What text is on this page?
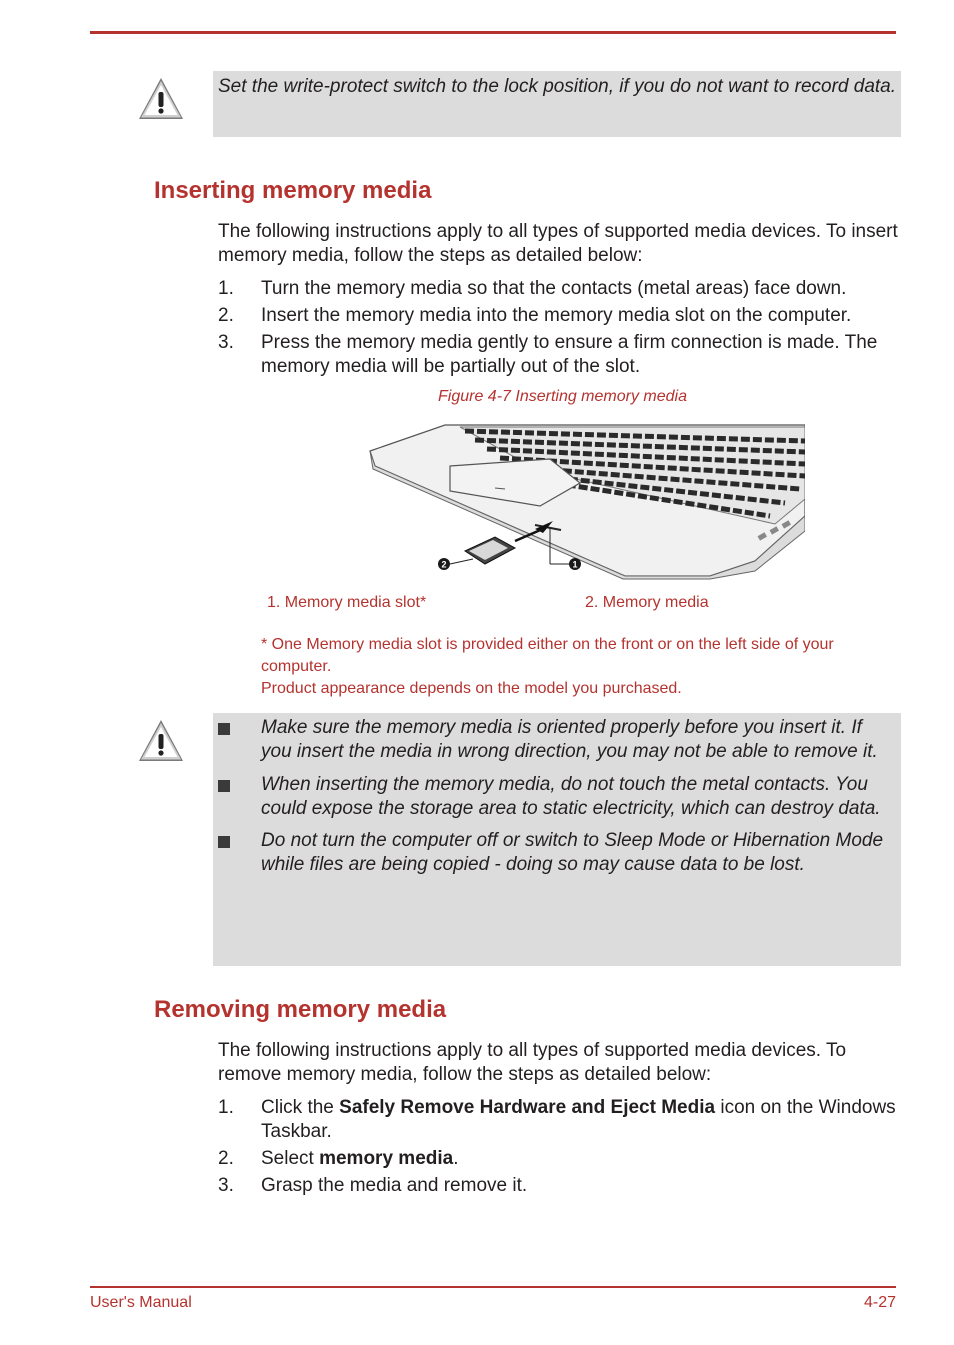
Set the write-protect switch to the lock position, if you do not want to record data.

Inserting memory media

The following instructions apply to all types of supported media devices. To insert memory media, follow the steps as detailed below:

1. Turn the memory media so that the contacts (metal areas) face down.
2. Insert the memory media into the memory media slot on the computer.
3. Press the memory media gently to ensure a firm connection is made. The memory media will be partially out of the slot.
Figure 4-7 Inserting memory media
2	1
1. Memory media slot*	2. Memory media

* One Memory media slot is provided either on the front or on the left side of your computer.
Product appearance depends on the model you purchased.

Make sure the memory media is oriented properly before you insert it. If you insert the media in wrong direction, you may not be able to remove it.
When inserting the memory media, do not touch the metal contacts. You could expose the storage area to static electricity, which can destroy data.
Do not turn the computer off or switch to Sleep Mode or Hibernation Mode while files are being copied - doing so may cause data to be lost.
Removing memory media

The following instructions apply to all types of supported media devices. To remove memory media, follow the steps as detailed below:

1. Click the Safely Remove Hardware and Eject Media icon on the Windows Taskbar.
2. Select memory media.
3. Grasp the media and remove it.
User's Manual	4-27
